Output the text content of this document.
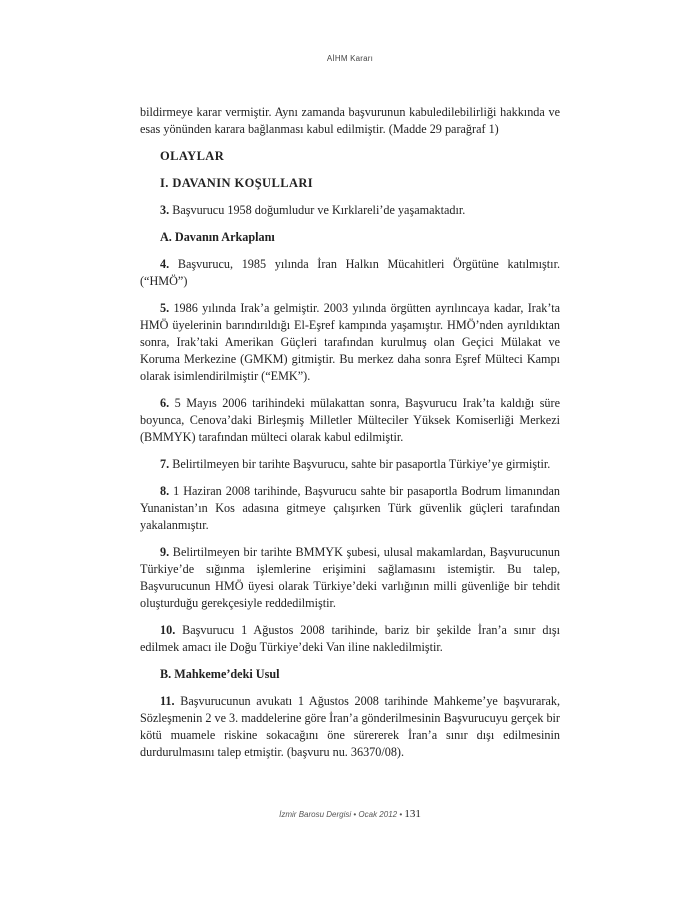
AİHM Kararı

bildirmeye karar vermiştir. Aynı zamanda başvurunun kabuledilebilirliği hakkında ve esas yönünden karara bağlanması kabul edilmiştir. (Madde 29 parağraf 1)

OLAYLAR
I. DAVANIN KOŞULLARI

3. Başvurucu 1958 doğumludur ve Kırklareli’de yaşamaktadır.

A. Davanın Arkaplanı

4. Başvurucu, 1985 yılında İran Halkın Mücahitleri Örgütüne katılmıştır. (“HMÖ”)

5. 1986 yılında Irak’a gelmiştir. 2003 yılında örgütten ayrılıncaya kadar, Irak’ta HMÖ üyelerinin barındırıldığı El-Eşref kampında yaşamıştır. HMÖ’nden ayrıldıktan sonra, Irak’taki Amerikan Güçleri tarafından kurulmuş olan Geçici Mülakat ve Koruma Merkezine (GMKM) gitmiştir. Bu merkez daha sonra Eşref Mülteci Kampı olarak isimlendirilmiştir (“EMK”).

6. 5 Mayıs 2006 tarihindeki mülakattan sonra, Başvurucu Irak’ta kaldığı süre boyunca, Cenova’daki Birleşmiş Milletler Mülteciler Yüksek Komiserliği Merkezi (BMMYK) tarafından mülteci olarak kabul edilmiştir.

7. Belirtilmeyen bir tarihte Başvurucu, sahte bir pasaportla Türkiye’ye girmiştir.

8. 1 Haziran 2008 tarihinde, Başvurucu sahte bir pasaportla Bodrum limanından Yunanistan’ın Kos adasına gitmeye çalışırken Türk güvenlik güçleri tarafından yakalanmıştır.

9. Belirtilmeyen bir tarihte BMMYK şubesi, ulusal makamlardan, Başvurucunun Türkiye’de sığınma işlemlerine erişimini sağlamasını istemiştir. Bu talep, Başvurucunun HMÖ üyesi olarak Türkiye’deki varlığının milli güvenliğe bir tehdit oluşturduğu gerekçesiyle reddedilmiştir.

10. Başvurucu 1 Ağustos 2008 tarihinde, bariz bir şekilde İran’a sınır dışı edilmek amacı ile Doğu Türkiye’deki Van iline nakledilmiştir.

B. Mahkeme’deki Usul

11. Başvurucunun avukatı 1 Ağustos 2008 tarihinde Mahkeme’ye başvurarak, Sözleşmenin 2 ve 3. maddelerine göre İran’a gönderilmesinin Başvurucuyu gerçek bir kötü muamele riskine sokacağını öne sürererek İran’a sınır dışı edilmesinin durdurulmasını talep etmiştir. (başvuru nu. 36370/08).

İzmir Barosu Dergisi • Ocak 2012 • 131
